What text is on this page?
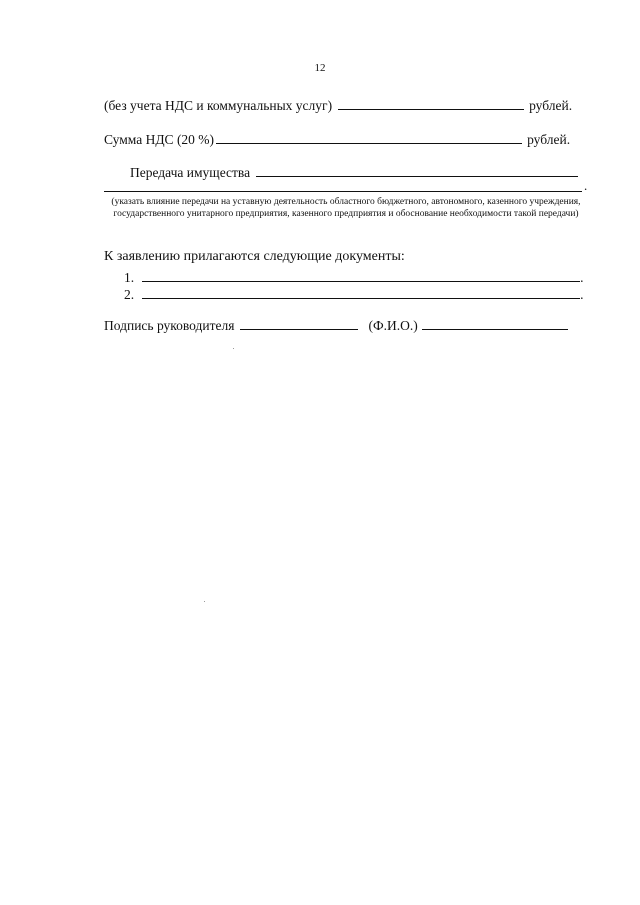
12
(без учета НДС и коммунальных услуг)	рублей.
Сумма НДС (20 %)	рублей.
Передача имущества
.
(указать влияние передачи на уставную деятельность областного бюджетного, автономного, казенного учреждения, государственного унитарного предприятия, казенного предприятия и обоснование необходимости такой передачи)
К заявлению прилагаются следующие документы:
1.	.
2.	.
Подпись руководителя	(Ф.И.О.)
